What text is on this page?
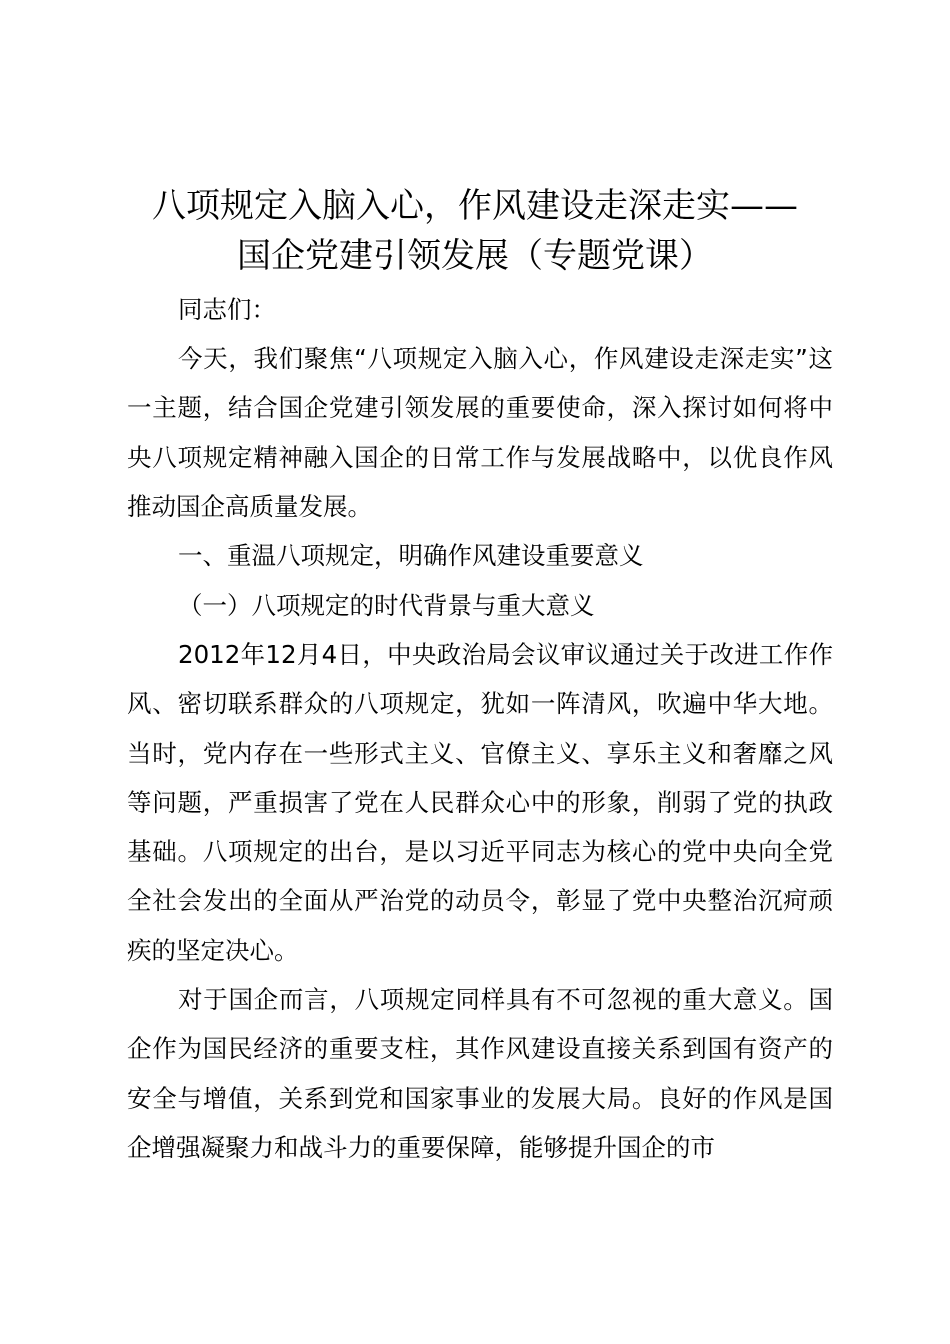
八项规定入脑入心，作风建设走深走实——
国企党建引领发展（专题党课）

同志们：

今天，我们聚焦“八项规定入脑入心，作风建设走深走实”这一主题，结合国企党建引领发展的重要使命，深入探讨如何将中央八项规定精神融入国企的日常工作与发展战略中，以优良作风推动国企高质量发展。

一、重温八项规定，明确作风建设重要意义

（一）八项规定的时代背景与重大意义

2012年12月4日，中央政治局会议审议通过关于改进工作作风、密切联系群众的八项规定，犹如一阵清风，吹遍中华大地。当时，党内存在一些形式主义、官僚主义、享乐主义和奢靡之风等问题，严重损害了党在人民群众心中的形象，削弱了党的执政基础。八项规定的出台，是以习近平同志为核心的党中央向全党全社会发出的全面从严治党的动员令，彰显了党中央整治沉疴顽疾的坚定决心。

对于国企而言，八项规定同样具有不可忽视的重大意义。国企作为国民经济的重要支柱，其作风建设直接关系到国有资产的安全与增值，关系到党和国家事业的发展大局。良好的作风是国企增强凝聚力和战斗力的重要保障，能够提升国企的市
